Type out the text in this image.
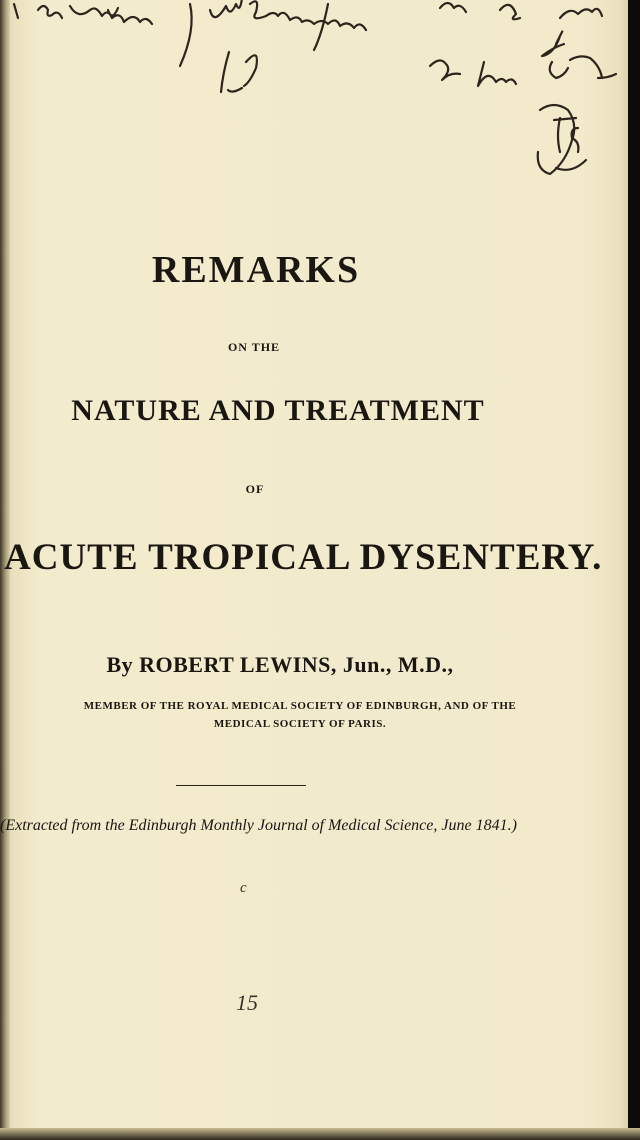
REMARKS
ON THE
NATURE AND TREATMENT
OF
ACUTE TROPICAL DYSENTERY.
By ROBERT LEWINS, Jun., M.D.,
MEMBER OF THE ROYAL MEDICAL SOCIETY OF EDINBURGH, AND OF THE
MEDICAL SOCIETY OF PARIS.
(Extracted from the Edinburgh Monthly Journal of Medical Science, June 1841.)
c
15
